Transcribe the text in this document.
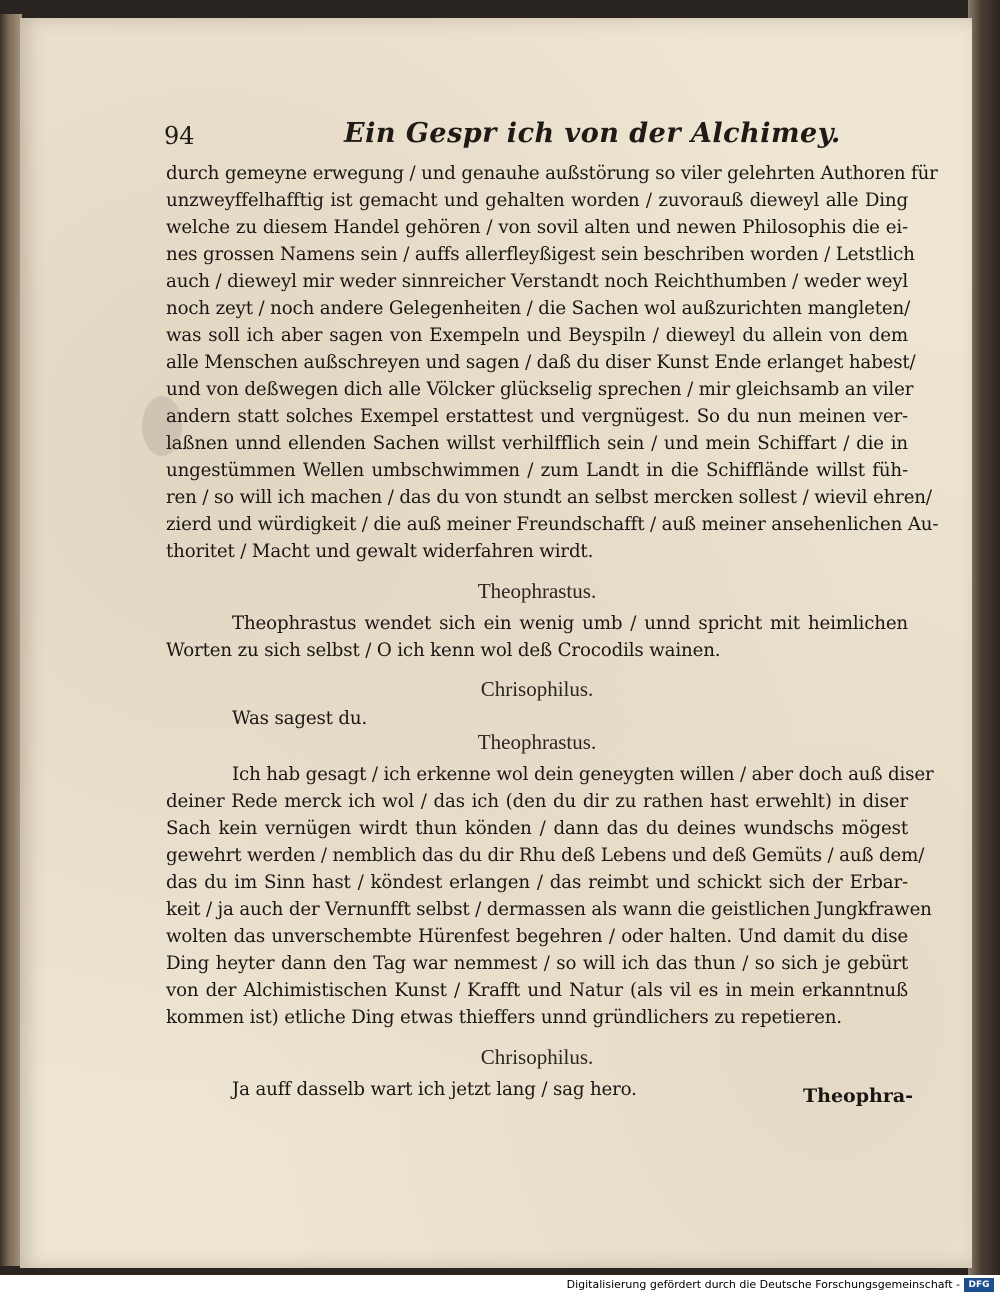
94	Ein Gespr ich von der Alchimey.
durch gemeyne erwegung / und genauhe außstörung so viler gelehrten Authoren für
unzweyffelhafftig ist gemacht und gehalten worden / zuvorauß dieweyl alle Ding
welche zu diesem Handel gehören / von sovil alten und newen Philosophis die ei-
nes grossen Namens sein / auffs allerfleyßigest sein beschriben worden / Letstlich
auch / dieweyl mir weder sinnreicher Verstandt noch Reichthumben / weder weyl
noch zeyt / noch andere Gelegenheiten / die Sachen wol außzurichten mangleten/
was soll ich aber sagen von Exempeln und Beyspiln / dieweyl du allein von dem
alle Menschen außschreyen und sagen / daß du diser Kunst Ende erlanget habest/
und von deßwegen dich alle Völcker glückselig sprechen / mir gleichsamb an viler
andern statt solches Exempel erstattest und vergnügest. So du nun meinen ver-
laßnen unnd ellenden Sachen willst verhilfflich sein / und mein Schiffart / die in
ungestümmen Wellen umbschwimmen / zum Landt in die Schifflände willst füh-
ren / so will ich machen / das du von stundt an selbst mercken sollest / wievil ehren/
zierd und würdigkeit / die auß meiner Freundschafft / auß meiner ansehenlichen Au-
thoritet / Macht und gewalt widerfahren wirdt.
Theophrastus.
Theophrastus wendet sich ein wenig umb / unnd spricht mit heimlichen
Worten zu sich selbst / O ich kenn wol deß Crocodils wainen.
Chrisophilus.
Was sagest du.
Theophrastus.
Ich hab gesagt / ich erkenne wol dein geneygten willen / aber doch auß diser
deiner Rede merck ich wol / das ich (den du dir zu rathen hast erwehlt) in diser
Sach kein vernügen wirdt thun könden / dann das du deines wundschs mögest
gewehrt werden / nemblich das du dir Rhu deß Lebens und deß Gemüts / auß dem/
das du im Sinn hast / köndest erlangen / das reimbt und schickt sich der Erbar-
keit / ja auch der Vernunfft selbst / dermassen als wann die geistlichen Jungkfrawen
wolten das unverschembte Hürenfest begehren / oder halten. Und damit du dise
Ding heyter dann den Tag war nemmest / so will ich das thun / so sich je gebürt
von der Alchimistischen Kunst / Krafft und Natur (als vil es in mein erkanntnuß
kommen ist) etliche Ding etwas thieffers unnd gründlichers zu repetieren.
Chrisophilus.
Ja auff dasselb wart ich jetzt lang / sag hero.	Theophra-
Digitalisierung gefördert durch die Deutsche Forschungsgemeinschaft - DFG
